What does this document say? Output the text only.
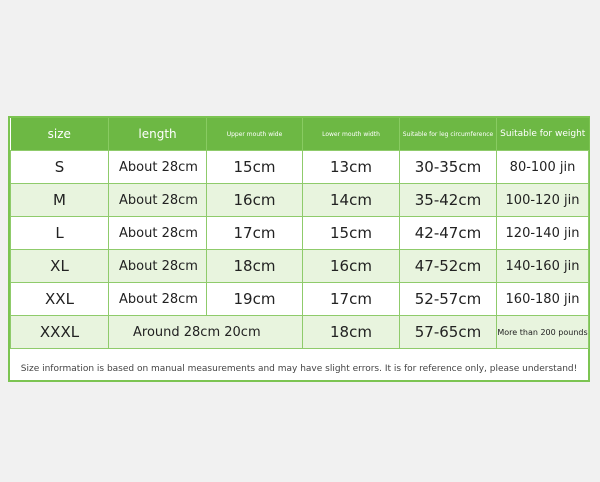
size	length	Upper mouth wide	Lower mouth width	Suitable for leg circumference	Suitable for weight
S	About 28cm	15cm	13cm	30-35cm	80-100 jin
M	About 28cm	16cm	14cm	35-42cm	100-120 jin
L	About 28cm	17cm	15cm	42-47cm	120-140 jin
XL	About 28cm	18cm	16cm	47-52cm	140-160 jin
XXL	About 28cm	19cm	17cm	52-57cm	160-180 jin
XXXL	Around 28cm 20cm		18cm	57-65cm	More than 200 pounds
Size information is based on manual measurements and may have slight errors. It is for reference only, please understand!
